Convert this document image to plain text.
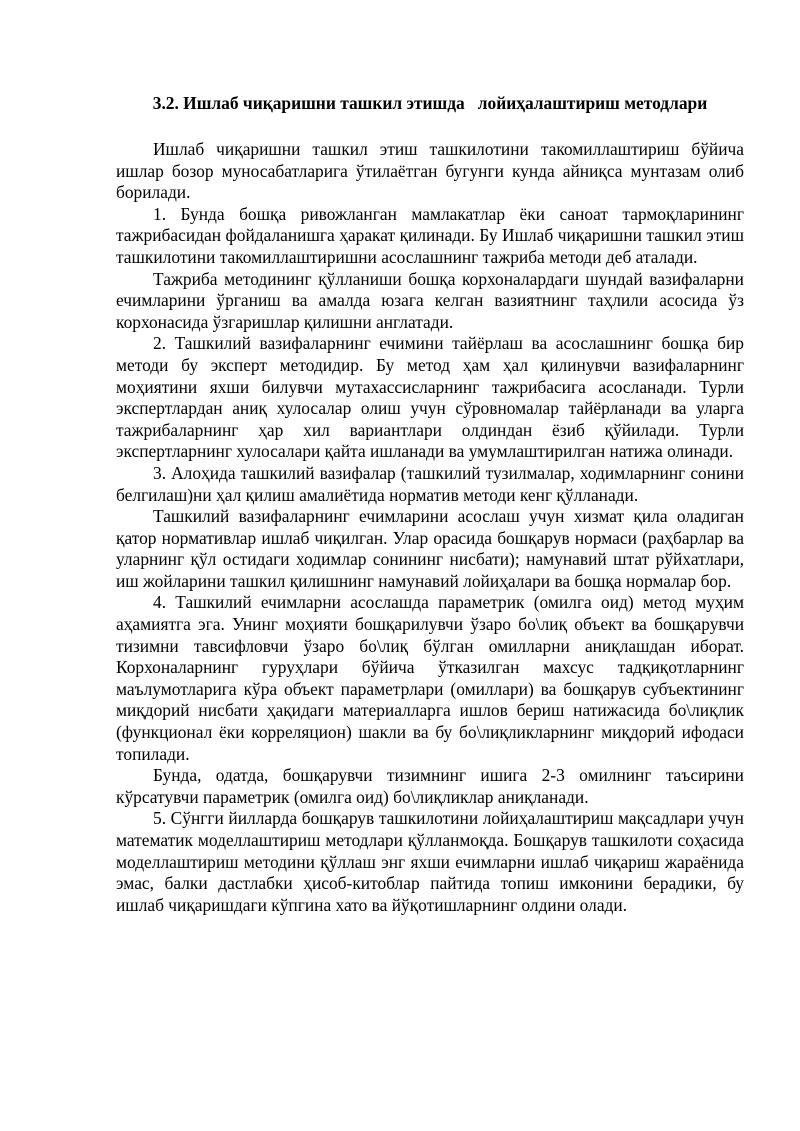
3.2. Ишлаб чиқаришни ташкил этишда   лойиҳалаштириш методлари

Ишлаб чиқаришни ташкил этиш ташкилотини такомиллаштириш бўйича ишлар бозор муносабатларига ўтилаётган бугунги кунда айниқса мунтазам олиб борилади.

1. Бунда бошқа ривожланган мамлакатлар ёки саноат тармоқларининг тажрибасидан фойдаланишга ҳаракат қилинади. Бу Ишлаб чиқаришни ташкил этиш ташкилотини такомиллаштиришни асослашнинг тажриба методи деб аталади.

Тажриба методининг қўлланиши бошқа корхоналардаги шундай вазифаларни ечимларини ўрганиш ва амалда юзага келган вазиятнинг таҳлили асосида ўз корхонасида ўзгаришлар қилишни англатади.

2. Ташкилий вазифаларнинг ечимини тайёрлаш ва асослашнинг бошқа бир методи бу эксперт методидир. Бу метод ҳам ҳал қилинувчи вазифаларнинг моҳиятини яхши билувчи мутахассисларнинг тажрибасига асосланади. Турли экспертлардан аниқ хулосалар олиш учун сўровномалар тайёрланади ва уларга тажрибаларнинг ҳар хил вариантлари олдиндан ёзиб қўйилади. Турли экспертларнинг хулосалари қайта ишланади ва умумлаштирилган натижа олинади.

3. Алоҳида ташкилий вазифалар (ташкилий тузилмалар, ходимларнинг сонини белгилаш)ни ҳал қилиш амалиётида норматив методи кенг қўлланади.

Ташкилий вазифаларнинг ечимларини асослаш учун хизмат қила оладиган қатор нормативлар ишлаб чиқилган. Улар орасида бошқарув нормаси (раҳбарлар ва уларнинг қўл остидаги ходимлар сонининг нисбати); намунавий штат рўйхатлари, иш жойларини ташкил қилишнинг намунавий лойиҳалари ва бошқа нормалар бор.

4. Ташкилий ечимларни асослашда параметрик (омилга оид) метод муҳим аҳамиятга эга. Унинг моҳияти бошқарилувчи ўзаро бо\лиқ объект ва бошқарувчи тизимни тавсифловчи ўзаро бо\лиқ бўлган омилларни аниқлашдан иборат. Корхоналарнинг гуруҳлари бўйича ўтказилган махсус тадқиқотларнинг маълумотларига кўра объект параметрлари (омиллари) ва бошқарув субъектининг миқдорий нисбати ҳақидаги материалларга ишлов бериш натижасида бо\лиқлик (функционал ёки корреляцион) шакли ва бу бо\лиқликларнинг миқдорий ифодаси топилади.

Бунда, одатда, бошқарувчи тизимнинг ишига 2-3 омилнинг таъсирини кўрсатувчи параметрик (омилга оид) бо\лиқликлар аниқланади.

5. Сўнгги йилларда бошқарув ташкилотини лойиҳалаштириш мақсадлари учун математик моделлаштириш методлари қўлланмоқда. Бошқарув ташкилоти соҳасида моделлаштириш методини қўллаш энг яхши ечимларни ишлаб чиқариш жараёнида эмас, балки дастлабки ҳисоб-китоблар пайтида топиш имконини берадики, бу ишлаб чиқаришдаги кўпгина хато ва йўқотишларнинг олдини олади.
